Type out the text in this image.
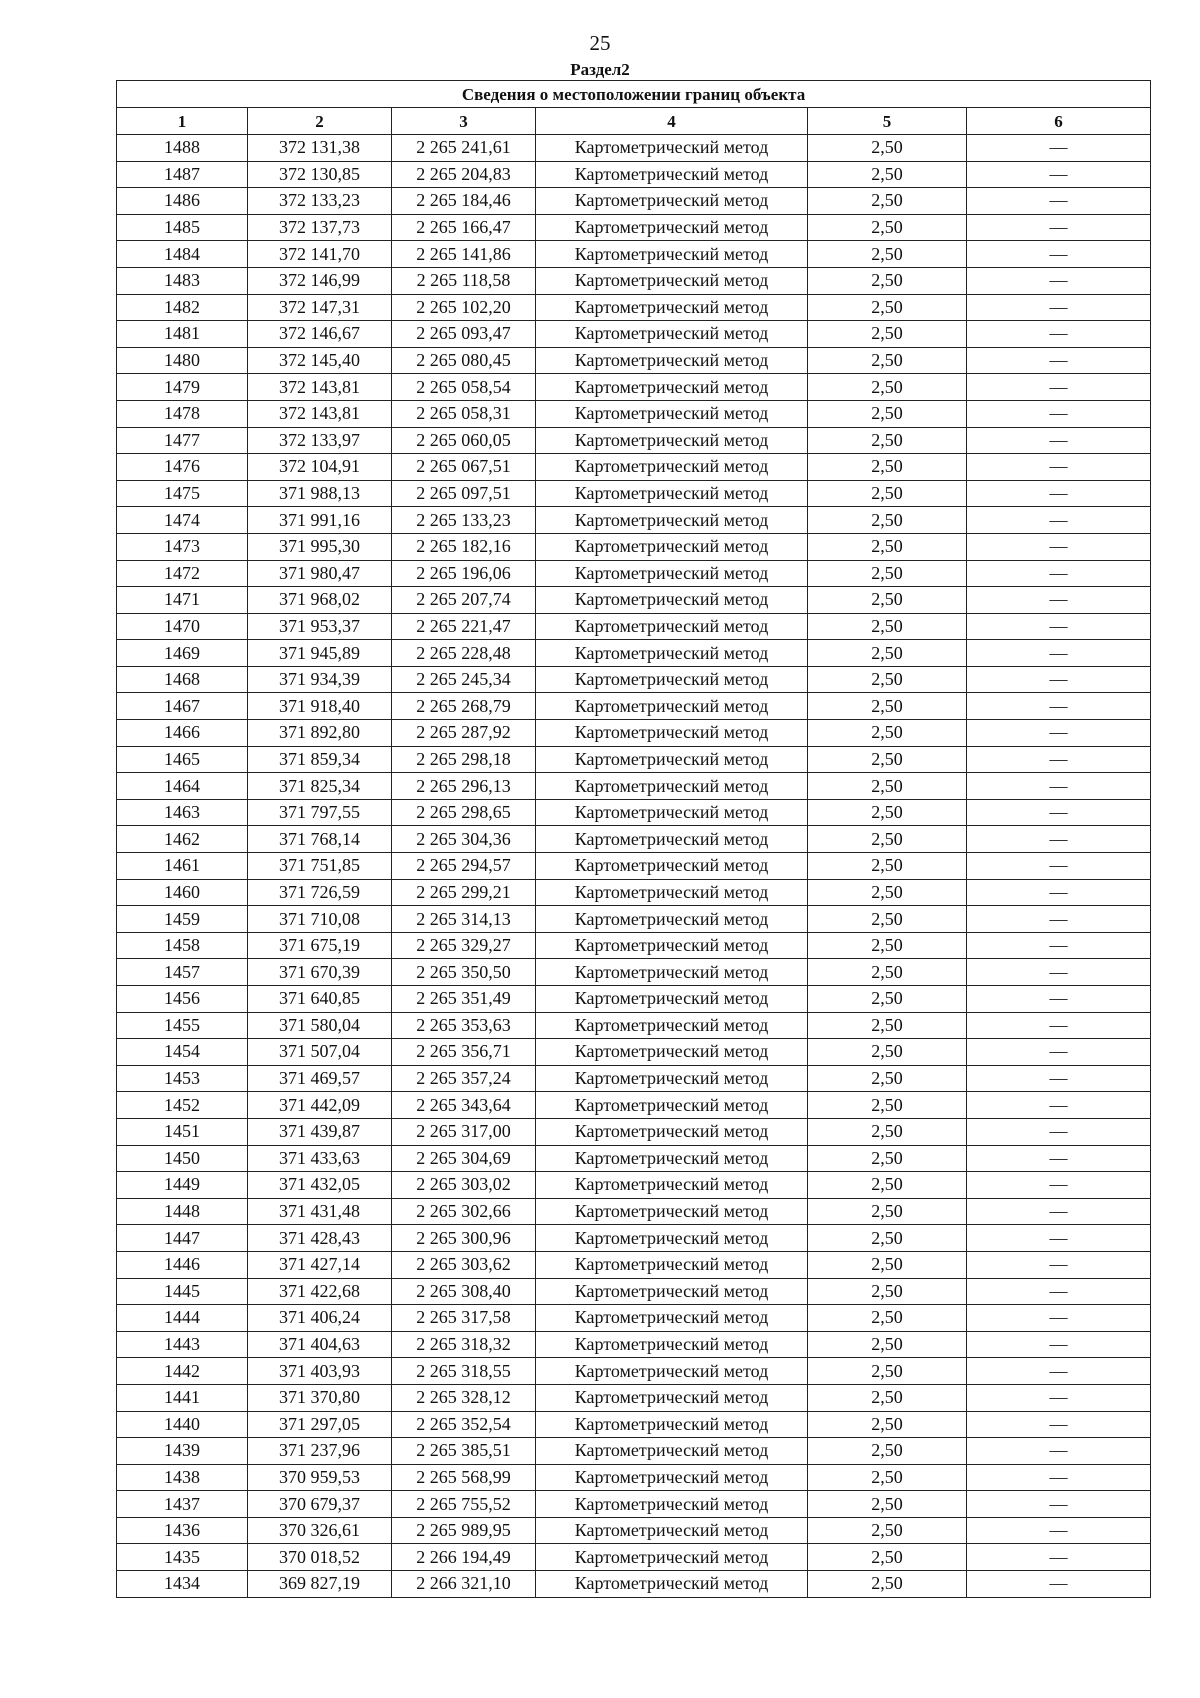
25
Раздел2
Сведения о местоположении границ объекта					
1	2	3	4	5	6
1488	372 131,38	2 265 241,61	Картометрический метод	2,50	—
1487	372 130,85	2 265 204,83	Картометрический метод	2,50	—
1486	372 133,23	2 265 184,46	Картометрический метод	2,50	—
1485	372 137,73	2 265 166,47	Картометрический метод	2,50	—
1484	372 141,70	2 265 141,86	Картометрический метод	2,50	—
1483	372 146,99	2 265 118,58	Картометрический метод	2,50	—
1482	372 147,31	2 265 102,20	Картометрический метод	2,50	—
1481	372 146,67	2 265 093,47	Картометрический метод	2,50	—
1480	372 145,40	2 265 080,45	Картометрический метод	2,50	—
1479	372 143,81	2 265 058,54	Картометрический метод	2,50	—
1478	372 143,81	2 265 058,31	Картометрический метод	2,50	—
1477	372 133,97	2 265 060,05	Картометрический метод	2,50	—
1476	372 104,91	2 265 067,51	Картометрический метод	2,50	—
1475	371 988,13	2 265 097,51	Картометрический метод	2,50	—
1474	371 991,16	2 265 133,23	Картометрический метод	2,50	—
1473	371 995,30	2 265 182,16	Картометрический метод	2,50	—
1472	371 980,47	2 265 196,06	Картометрический метод	2,50	—
1471	371 968,02	2 265 207,74	Картометрический метод	2,50	—
1470	371 953,37	2 265 221,47	Картометрический метод	2,50	—
1469	371 945,89	2 265 228,48	Картометрический метод	2,50	—
1468	371 934,39	2 265 245,34	Картометрический метод	2,50	—
1467	371 918,40	2 265 268,79	Картометрический метод	2,50	—
1466	371 892,80	2 265 287,92	Картометрический метод	2,50	—
1465	371 859,34	2 265 298,18	Картометрический метод	2,50	—
1464	371 825,34	2 265 296,13	Картометрический метод	2,50	—
1463	371 797,55	2 265 298,65	Картометрический метод	2,50	—
1462	371 768,14	2 265 304,36	Картометрический метод	2,50	—
1461	371 751,85	2 265 294,57	Картометрический метод	2,50	—
1460	371 726,59	2 265 299,21	Картометрический метод	2,50	—
1459	371 710,08	2 265 314,13	Картометрический метод	2,50	—
1458	371 675,19	2 265 329,27	Картометрический метод	2,50	—
1457	371 670,39	2 265 350,50	Картометрический метод	2,50	—
1456	371 640,85	2 265 351,49	Картометрический метод	2,50	—
1455	371 580,04	2 265 353,63	Картометрический метод	2,50	—
1454	371 507,04	2 265 356,71	Картометрический метод	2,50	—
1453	371 469,57	2 265 357,24	Картометрический метод	2,50	—
1452	371 442,09	2 265 343,64	Картометрический метод	2,50	—
1451	371 439,87	2 265 317,00	Картометрический метод	2,50	—
1450	371 433,63	2 265 304,69	Картометрический метод	2,50	—
1449	371 432,05	2 265 303,02	Картометрический метод	2,50	—
1448	371 431,48	2 265 302,66	Картометрический метод	2,50	—
1447	371 428,43	2 265 300,96	Картометрический метод	2,50	—
1446	371 427,14	2 265 303,62	Картометрический метод	2,50	—
1445	371 422,68	2 265 308,40	Картометрический метод	2,50	—
1444	371 406,24	2 265 317,58	Картометрический метод	2,50	—
1443	371 404,63	2 265 318,32	Картометрический метод	2,50	—
1442	371 403,93	2 265 318,55	Картометрический метод	2,50	—
1441	371 370,80	2 265 328,12	Картометрический метод	2,50	—
1440	371 297,05	2 265 352,54	Картометрический метод	2,50	—
1439	371 237,96	2 265 385,51	Картометрический метод	2,50	—
1438	370 959,53	2 265 568,99	Картометрический метод	2,50	—
1437	370 679,37	2 265 755,52	Картометрический метод	2,50	—
1436	370 326,61	2 265 989,95	Картометрический метод	2,50	—
1435	370 018,52	2 266 194,49	Картометрический метод	2,50	—
1434	369 827,19	2 266 321,10	Картометрический метод	2,50	—
